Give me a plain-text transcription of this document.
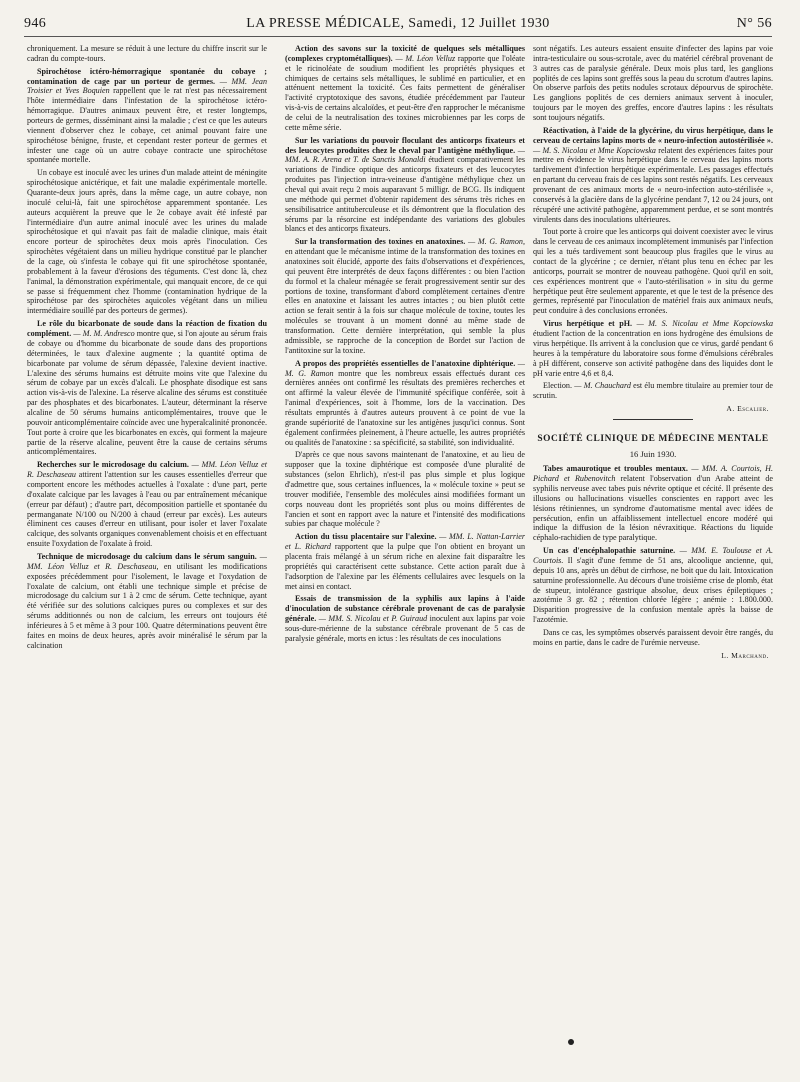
946	LA PRESSE MÉDICALE, Samedi, 12 Juillet 1930	N° 56

chroniquement. La mesure se réduit à une lecture du chiffre inscrit sur le cadran du compte-tours.

Spirochétose ictéro-hémorragique spontanée du cobaye ; contamination de cage par un porteur de germes. — MM. Jean Troisier et Yves Boquien rappellent que le rat n'est pas nécessairement l'hôte intermédiaire dans l'infestation de la spirochétose ictéro-hémorragique. D'autres animaux peuvent être, et rester longtemps, porteurs de germes, disséminant ainsi la maladie ; c'est ce que les auteurs viennent d'observer chez le cobaye, cet animal pouvant faire une spirochétose bénigne, fruste, et cependant rester porteur de germes et infester une cage où un autre cobaye contracte une spirochétose spontanée mortelle.

Un cobaye est inoculé avec les urines d'un malade atteint de méningite spirochétosique anictérique, et fait une maladie expérimentale mortelle. Quarante-deux jours après, dans la même cage, un autre cobaye, non inoculé celui-là, fait une spirochétose apparemment spontanée. Les auteurs acquièrent la preuve que le 2e cobaye avait été infesté par l'intermédiaire d'un autre animal inoculé avec les urines du malade spirochétosique et qui n'avait pas fait de maladie clinique, mais était encore porteur de spirochètes deux mois après l'inoculation. Ces spirochètes végétaient dans un milieu hydrique constitué par le plancher de la cage, où s'infesta le cobaye qui fit une spirochétose spontanée, probablement à la faveur d'érosions des téguments. C'est donc là, chez l'animal, la démonstration expérimentale, qui manquait encore, de ce qui se passe si fréquemment chez l'homme (contamination hydrique de la spirochétose par des spirochètes aquicoles végétant dans un milieu intermédiaire souillé par des porteurs de germes).

Le rôle du bicarbonate de soude dans la réaction de fixation du complément. — M. M. Andresco montre que, si l'on ajoute au sérum frais de cobaye ou d'homme du bicarbonate de soude dans des proportions déterminées, le taux d'alexine augmente ; la quantité optima de bicarbonate par volume de sérum dépassée, l'alexine devient inactive. L'alexine des sérums humains est détruite moins vite que l'alexine du sérum de cobaye par un excès d'alcali. Le phosphate disodique est sans action vis-à-vis de l'alexine. La réserve alcaline des sérums est constituée par des phosphates et des bicarbonates. L'auteur, déterminant la réserve alcaline de 50 sérums humains anticomplémentaires, trouve que le pouvoir anticomplémentaire coïncide avec une hyperalcalinité prononcée. Tout porte à croire que les bicarbonates en excès, qui forment la majeure partie de la réserve alcaline, peuvent être la cause de certains sérums anticomplémentaires.

Recherches sur le microdosage du calcium. — MM. Léon Velluz et R. Deschaseau attirent l'attention sur les causes essentielles d'erreur que comportent encore les méthodes actuelles à l'oxalate : d'une part, perte d'oxalate calcique par les lavages à l'eau ou par entraînement mécanique (erreur par défaut) ; d'autre part, décomposition partielle et spontanée du permanganate N/100 ou N/200 à chaud (erreur par excès). Les auteurs éliminent ces causes d'erreur en utilisant, pour isoler et laver l'oxalate calcique, des solvants organiques convenablement choisis et en effectuant ensuite l'oxydation de l'oxalate à froid.

Technique de microdosage du calcium dans le sérum sanguin. — MM. Léon Velluz et R. Deschaseau, en utilisant les modifications exposées précédemment pour l'isolement, le lavage et l'oxydation de l'oxalate de calcium, ont établi une technique simple et précise de microdosage du calcium sur 1 à 2 cmc de sérum. Cette technique, ayant été vérifiée sur des solutions calciques pures ou complexes et sur des sérums additionnés ou non de calcium, les erreurs ont toujours été inférieures à 5 et même à 3 pour 100. Quatre déterminations peuvent être faites en moins de deux heures, après avoir minéralisé le sérum par la calcination

Action des savons sur la toxicité de quelques sels métalliques (complexes cryptométalliques). — M. Léon Velluz rapporte que l'oléate et le ricinoléate de soudium modifient les propriétés physiques et chimiques de certains sels métalliques, le sublimé en particulier, et en atténuent nettement la toxicité. Ces faits permettent de généraliser l'activité cryptotoxique des savons, étudiée précédemment par l'auteur vis-à-vis de certains alcaloïdes, et peut-être d'en rapprocher le mécanisme de celui de la neutralisation des toxines microbiennes par les corps de cette même série.

Sur les variations du pouvoir floculant des anticorps fixateurs et des leucocytes produites chez le cheval par l'antigène méthylique. — MM. A. R. Arena et T. de Sanctis Monaldi étudient comparativement les variations de l'indice optique des anticorps fixateurs et des leucocytes produites pas l'injection intra-veineuse d'antigène méthylique chez un cheval qui avait reçu 2 mois auparavant 5 milligr. de BCG. Ils indiquent une méthode qui permet d'obtenir rapidement des sérums très riches en sensibilisatrice antituberculeuse et ils démontrent que la floculation des sérums par la résorcine est indépendante des variations des globules blancs et des anticorps fixateurs.

Sur la transformation des toxines en anatoxines. — M. G. Ramon, en attendant que le mécanisme intime de la transformation des toxines en anatoxines soit élucidé, apporte des faits d'observations et d'expériences, qui peuvent être interprétés de deux façons différentes : ou bien l'action du formol et la chaleur ménagée se ferait progressivement sentir sur des portions de toxine, transformant d'abord complètement certaines d'entre elles en anatoxine et laissant les autres intactes ; ou bien plutôt cette action se ferait sentir à la fois sur chaque molécule de toxine, toutes les molécules se trouvant à un moment donné au même stade de transformation. Cette dernière interprétation, qui semble la plus admissible, se rapproche de la conception de Bordet sur l'action de l'antitoxine sur la toxine.

A propos des propriétés essentielles de l'anatoxine diphtérique. — M. G. Ramon montre que les nombreux essais effectués durant ces dernières années ont confirmé les résultats des premières recherches et ont affirmé la valeur élevée de l'immunité spécifique conférée, soit à l'animal d'expériences, soit à l'homme, lors de la vaccination. Des résultats empruntés à d'autres auteurs prouvent à ce point de vue la grande supériorité de l'anatoxine sur les antigènes jusqu'ici connus. Sont également confirmées pleinement, à l'heure actuelle, les autres propriétés ou qualités de l'anatoxine : sa spécificité, sa stabilité, son individualité.

D'après ce que nous savons maintenant de l'anatoxine, et au lieu de supposer que la toxine diphtérique est composée d'une pluralité de substances (selon Ehrlich), n'est-il pas plus simple et plus logique d'admettre que, sous certaines influences, la « molécule toxine » peut se trouver modifiée, l'ensemble des molécules ainsi modifiées formant un corps nouveau dont les propriétés sont plus ou moins différentes de l'ancien et sont en rapport avec la nature et l'intensité des modifications subies par chaque molécule ?

Action du tissu placentaire sur l'alexine. — MM. L. Nattan-Larrier et L. Richard rapportent que la pulpe que l'on obtient en broyant un placenta frais mélangé à un sérum riche en alexine fait disparaître les propriétés qui caractérisent cette substance. Cette action paraît due à l'adsorption de l'alexine par les éléments cellulaires avec lesquels on la met ainsi en contact.

Essais de transmission de la syphilis aux lapins à l'aide d'inoculation de substance cérébrale provenant de cas de paralysie générale. — MM. S. Nicolau et P. Guiraud inoculent aux lapins par voie sous-dure-mérienne de la substance cérébrale provenant de 5 cas de paralysie générale, morts en ictus : les résultats de ces inoculations

sont négatifs. Les auteurs essaient ensuite d'infecter des lapins par voie intra-testiculaire ou sous-scrotale, avec du matériel cérébral provenant de 3 autres cas de paralysie générale. Deux mois plus tard, les ganglions poplités de ces lapins sont greffés sous la peau du scrotum d'autres lapins. On observe parfois des petits nodules scrotaux dépourvus de spirochète. Les ganglions poplités de ces derniers animaux servent à inoculer, toujours par le moyen des greffes, encore d'autres lapins : les résultats sont toujours négatifs.

Réactivation, à l'aide de la glycérine, du virus herpétique, dans le cerveau de certains lapins morts de « neuro-infection autostérilisée ». — M. S. Nicolau et Mme Kopciowska relatent des expériences faites pour mettre en évidence le virus herpétique dans le cerveau des lapins morts tardivement d'infection herpétique expérimentale. Les passages effectués en partant du cerveau frais de ces lapins sont restés négatifs. Les cerveaux provenant de ces animaux morts de « neuro-infection auto-stérilisée », conservés à la glacière dans de la glycérine pendant 7, 12 ou 24 jours, ont récupéré une activité pathogène, apparemment perdue, et se sont montrés virulents dans des inoculations ultérieures.

Tout porte à croire que les anticorps qui doivent coexister avec le virus dans le cerveau de ces animaux incomplètement immunisés par l'infection qui les a tués tardivement sont beaucoup plus fragiles que le virus au contact de la glycérine ; ce dernier, n'étant plus tenu en échec par les anticorps, pourrait se montrer de nouveau pathogène. Quoi qu'il en soit, ces expériences montrent que « l'auto-stérilisation » in situ du germe herpétique peut être seulement apparente, et que le test de la présence des germes, représenté par l'inoculation de matériel frais aux animaux neufs, peut conduire à des conclusions erronées.

Virus herpétique et pH. — M. S. Nicolau et Mme Kopciowska étudient l'action de la concentration en ions hydrogène des émulsions de virus herpétique. Ils arrivent à la conclusion que ce virus, gardé pendant 6 heures à la température du laboratoire sous forme d'émulsions cérébrales à pH différent, conserve son activité pathogène dans des liquides dont le pH varie entre 4,6 et 8,4.

Election. — M. Chauchard est élu membre titulaire au premier tour de scrutin.

A. Escalier.
SOCIÉTÉ CLINIQUE DE MÉDECINE MENTALE
16 Juin 1930.

Tabes amaurotique et troubles mentaux. — MM. A. Courtois, H. Pichard et Rubenovitch relatent l'observation d'un Arabe atteint de syphilis nerveuse avec tabes puis névrite optique et cécité. Il présente des illusions ou hallucinations visuelles conscientes en rapport avec les lésions rétiniennes, un syndrome d'automatisme mental avec idées de persécution, enfin un affaiblissement intellectuel encore modéré qui indique la diffusion de la lésion névraxitique. Réactions du liquide céphalo-rachidien de type paralytique.

Un cas d'encéphalopathie saturnine. — MM. E. Toulouse et A. Courtois. Il s'agit d'une femme de 51 ans, alcoolique ancienne, qui, depuis 10 ans, après un début de cirrhose, ne boit que du lait. Intoxication saturnine professionnelle. Au décours d'une troisième crise de plomb, état de stupeur, intolérance gastrique absolue, deux crises épileptiques ; azotémie 3 gr. 82 ; rétention chlorée légère ; anémie : 1.800.000. Disparition progressive de la confusion mentale après la baisse de l'azotémie.

Dans ce cas, les symptômes observés paraissent devoir être rangés, du moins en partie, dans le cadre de l'urémie nerveuse.

L. Marchand.
